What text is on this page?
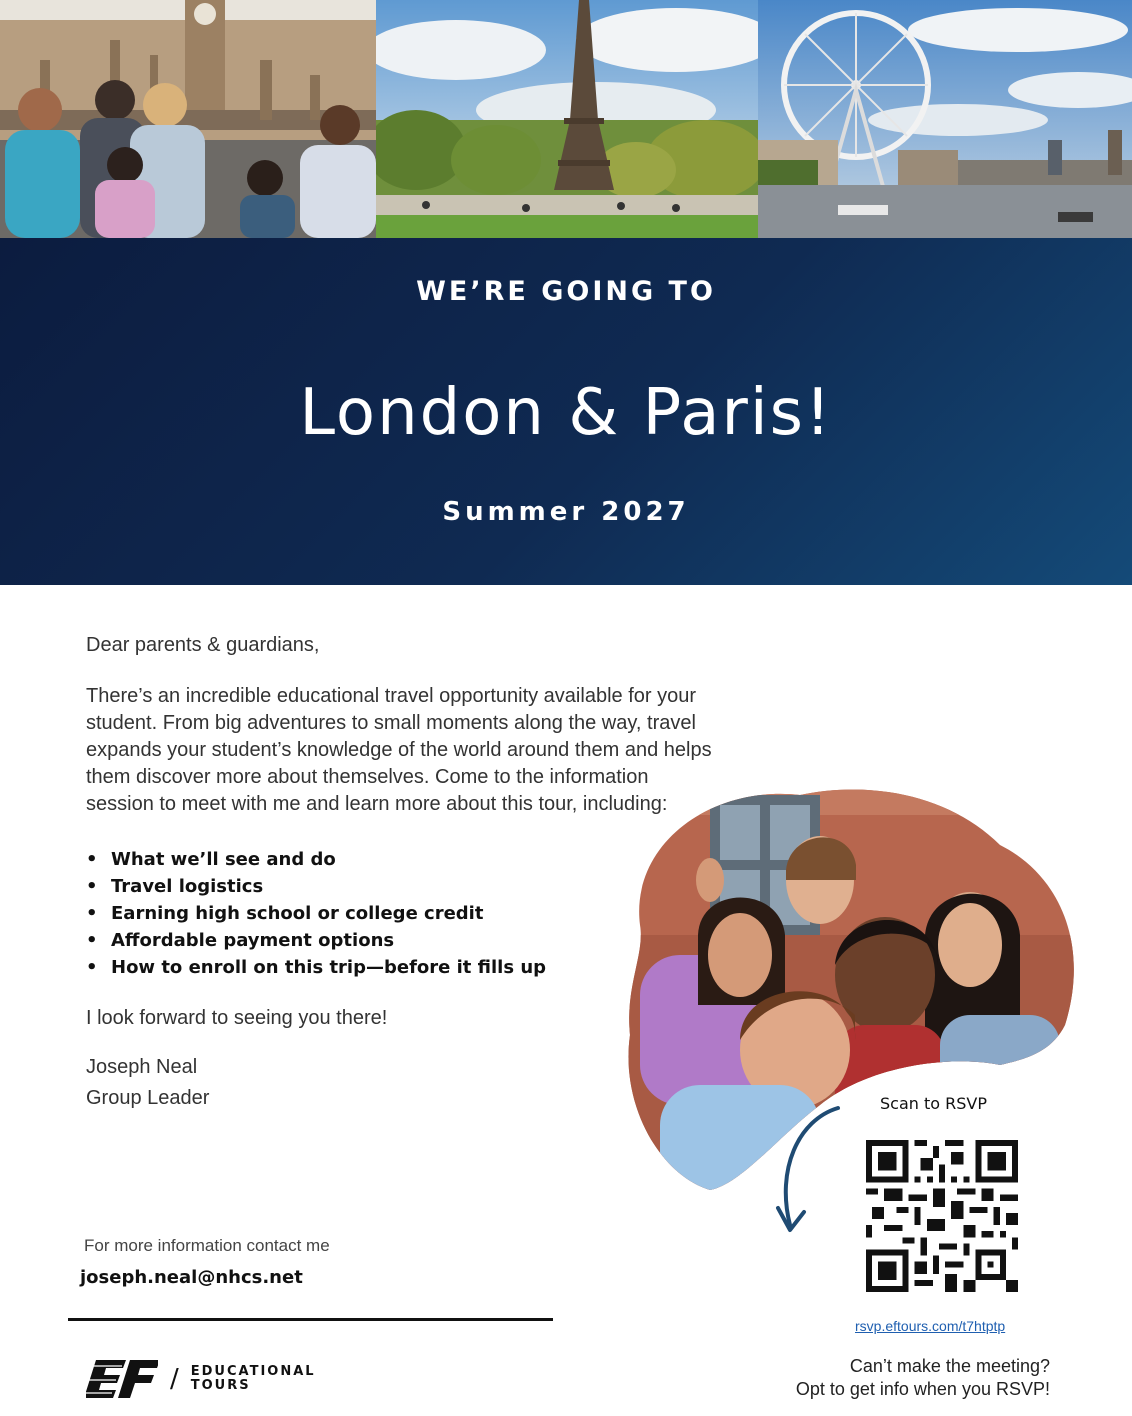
WE’RE GOING TO
London & Paris!
Summer 2027
Dear parents & guardians,
There’s an incredible educational travel opportunity available for your student. From big adventures to small moments along the way, travel expands your student’s knowledge of the world around them and helps them discover more about themselves. Come to the information session to meet with me and learn more about this tour, including:
• What we’ll see and do
• Travel logistics
• Earning high school or college credit
• Affordable payment options
• How to enroll on this trip—before it fills up
I look forward to seeing you there!
Joseph Neal
Group Leader
For more information contact me
joseph.neal@nhcs.net
/ EDUCATIONAL
TOURS
Scan to RSVP
rsvp.eftours.com/t7htptp
Can’t make the meeting?
Opt to get info when you RSVP!
